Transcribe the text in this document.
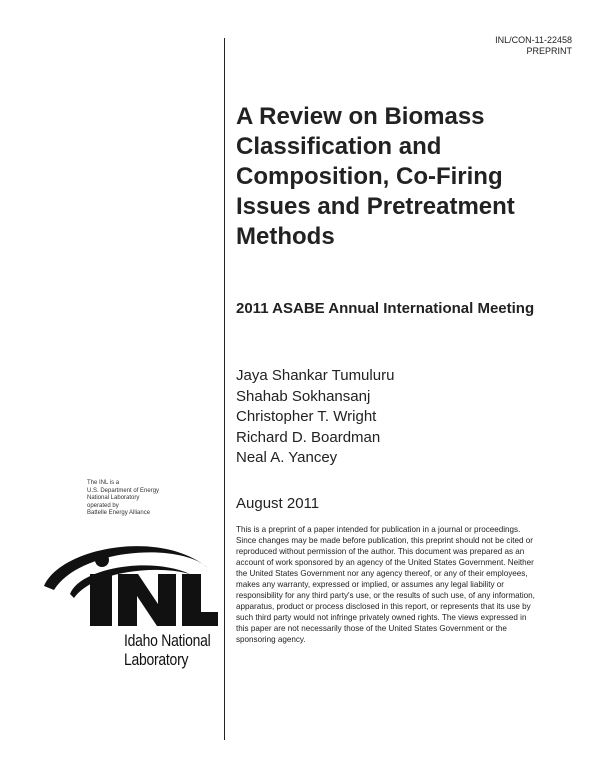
INL/CON-11-22458
PREPRINT
A Review on Biomass Classification and Composition, Co-Firing Issues and Pretreatment Methods
2011 ASABE Annual International Meeting
Jaya Shankar Tumuluru
Shahab Sokhansanj
Christopher T. Wright
Richard D. Boardman
Neal A. Yancey
August 2011

This is a preprint of a paper intended for publication in a journal or proceedings. Since changes may be made before publication, this preprint should not be cited or reproduced without permission of the author. This document was prepared as an account of work sponsored by an agency of the United States Government. Neither the United States Government nor any agency thereof, or any of their employees, makes any warranty, expressed or implied, or assumes any legal liability or responsibility for any third party's use, or the results of such use, of any information, apparatus, product or process disclosed in this report, or represents that its use by such third party would not infringe privately owned rights. The views expressed in this paper are not necessarily those of the United States Government or the sponsoring agency.

The INL is a
U.S. Department of Energy
National Laboratory
operated by
Battelle Energy Alliance
Idaho National
Laboratory
